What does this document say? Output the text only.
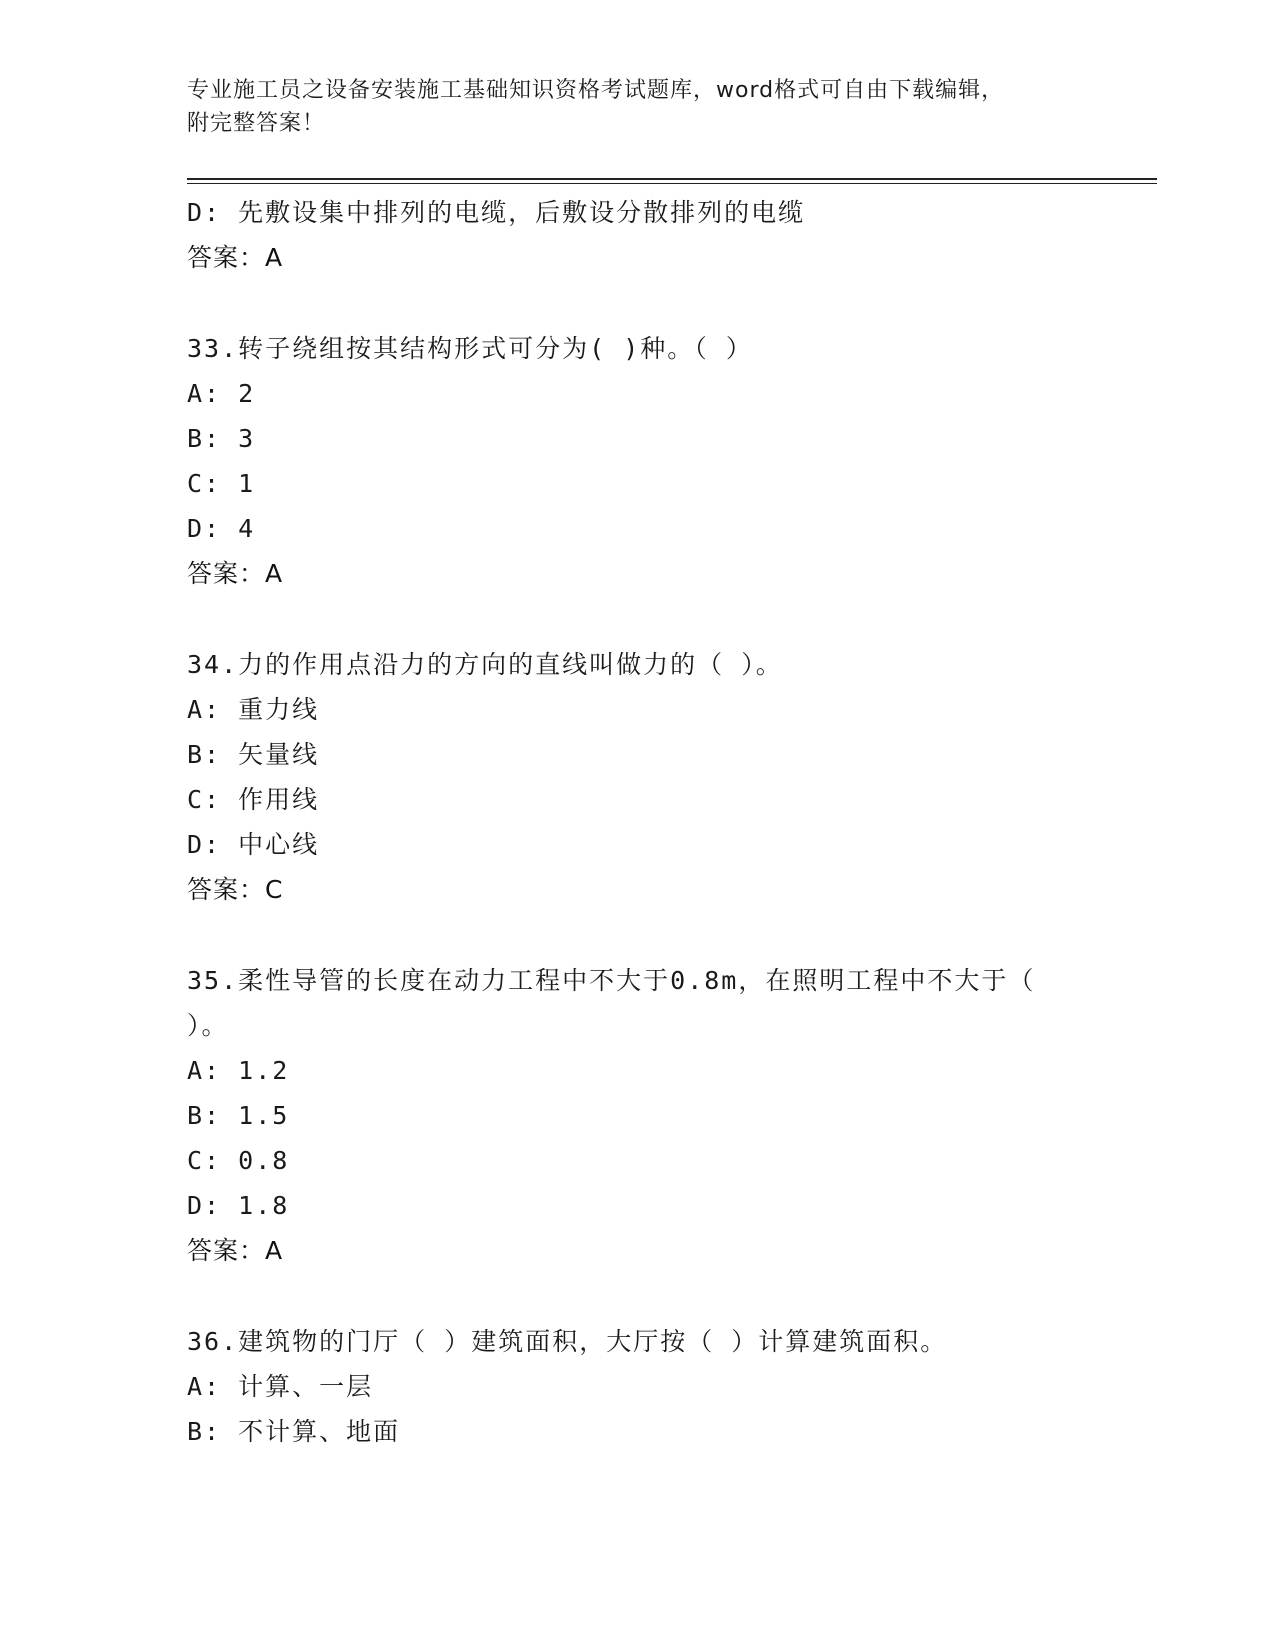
专业施工员之设备安装施工基础知识资格考试题库，word格式可自由下载编辑，
附完整答案！
D: 先敷设集中排列的电缆，后敷设分散排列的电缆
答案：A
33.转子绕组按其结构形式可分为( )种。（ ）
A: 2
B: 3
C: 1
D: 4
答案：A
34.力的作用点沿力的方向的直线叫做力的（ ）。
A: 重力线
B: 矢量线
C: 作用线
D: 中心线
答案：C
35.柔性导管的长度在动力工程中不大于0.8m，在照明工程中不大于（
）。
A: 1.2
B: 1.5
C: 0.8
D: 1.8
答案：A
36.建筑物的门厅（ ）建筑面积，大厅按（ ）计算建筑面积。
A: 计算、一层
B: 不计算、地面
